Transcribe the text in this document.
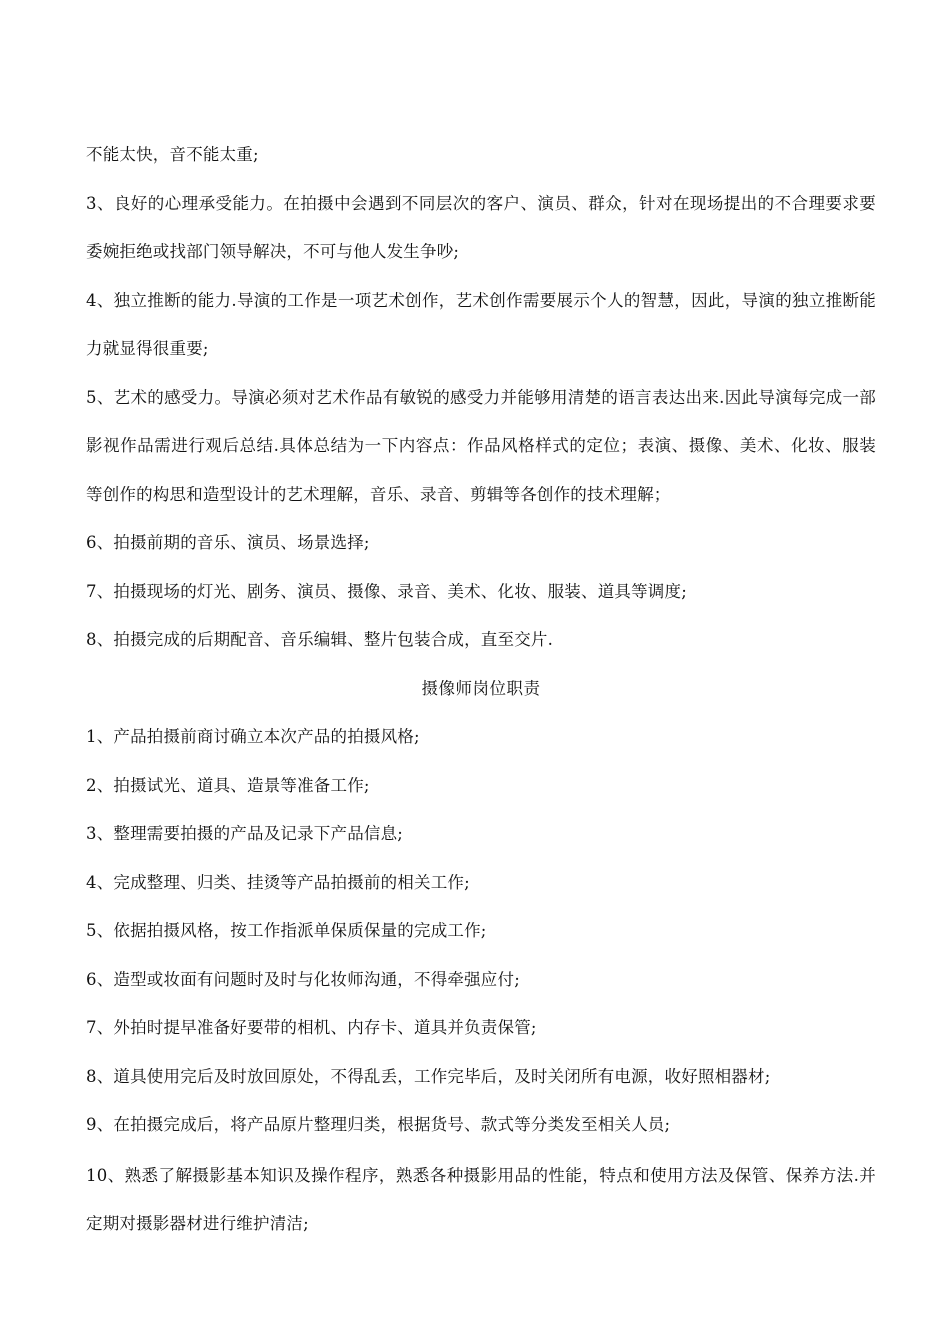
不能太快，音不能太重;

3、良好的心理承受能力。在拍摄中会遇到不同层次的客户、演员、群众，针对在现场提出的不合理要求要委婉拒绝或找部门领导解决，不可与他人发生争吵;

4、独立推断的能力.导演的工作是一项艺术创作，艺术创作需要展示个人的智慧，因此，导演的独立推断能力就显得很重要;

5、艺术的感受力。导演必须对艺术作品有敏锐的感受力并能够用清楚的语言表达出来.因此导演每完成一部影视作品需进行观后总结.具体总结为一下内容点：作品风格样式的定位；表演、摄像、美术、化妆、服装等创作的构思和造型设计的艺术理解，音乐、录音、剪辑等各创作的技术理解；

6、拍摄前期的音乐、演员、场景选择;

7、拍摄现场的灯光、剧务、演员、摄像、录音、美术、化妆、服装、道具等调度;

8、拍摄完成的后期配音、音乐编辑、整片包装合成，直至交片.

摄像师岗位职责

1、产品拍摄前商讨确立本次产品的拍摄风格;

2、拍摄试光、道具、造景等准备工作;

3、整理需要拍摄的产品及记录下产品信息;

4、完成整理、归类、挂烫等产品拍摄前的相关工作;

5、依据拍摄风格，按工作指派单保质保量的完成工作;

6、造型或妆面有问题时及时与化妆师沟通，不得牵强应付;

7、外拍时提早准备好要带的相机、内存卡、道具并负责保管;

8、道具使用完后及时放回原处，不得乱丢，工作完毕后，及时关闭所有电源，收好照相器材;

9、在拍摄完成后，将产品原片整理归类，根据货号、款式等分类发至相关人员;

10、熟悉了解摄影基本知识及操作程序，熟悉各种摄影用品的性能，特点和使用方法及保管、保养方法.并定期对摄影器材进行维护清洁;
